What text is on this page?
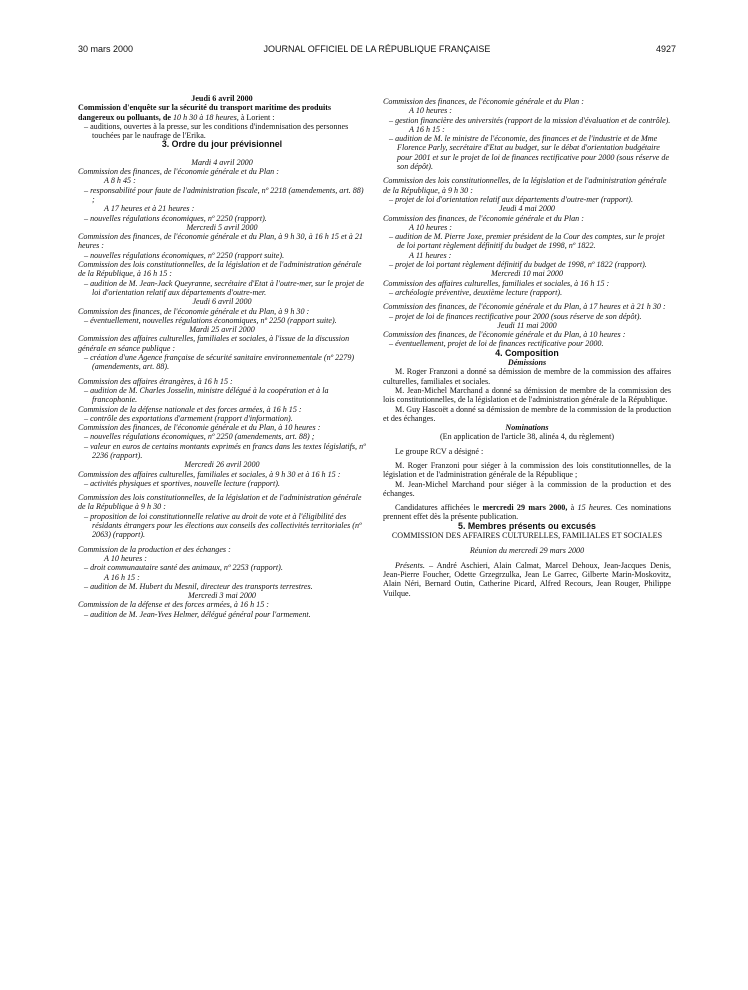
30 mars 2000	JOURNAL OFFICIEL DE LA RÉPUBLIQUE FRANÇAISE	4927

Jeudi 6 avril 2000

Commission d'enquête sur la sécurité du transport maritime des produits dangereux ou polluants, de 10 h 30 à 18 heures, à Lorient :

– auditions, ouvertes à la presse, sur les conditions d'indemnisation des personnes touchées par le naufrage de l'Erika.

3. Ordre du jour prévisionnel

Mardi 4 avril 2000

Commission des finances, de l'économie générale et du Plan :

A 8 h 45 :

– responsabilité pour faute de l'administration fiscale, nº 2218 (amendements, art. 88) ;

A 17 heures et à 21 heures :

– nouvelles régulations économiques, nº 2250 (rapport).

Mercredi 5 avril 2000

Commission des finances, de l'économie générale et du Plan, à 9 h 30, à 16 h 15 et à 21 heures :

– nouvelles régulations économiques, nº 2250 (rapport suite).

Commission des lois constitutionnelles, de la législation et de l'administration générale de la République, à 16 h 15 :

– audition de M. Jean-Jack Queyranne, secrétaire d'Etat à l'outre-mer, sur le projet de loi d'orientation relatif aux départements d'outre-mer.

Jeudi 6 avril 2000

Commission des finances, de l'économie générale et du Plan, à 9 h 30 :

– éventuellement, nouvelles régulations économiques, nº 2250 (rapport suite).

Mardi 25 avril 2000

Commission des affaires culturelles, familiales et sociales, à l'issue de la discussion générale en séance publique :

– création d'une Agence française de sécurité sanitaire environnementale (nº 2279) (amendements, art. 88).

Commission des affaires étrangères, à 16 h 15 :

– audition de M. Charles Josselin, ministre délégué à la coopération et à la francophonie.

Commission de la défense nationale et des forces armées, à 16 h 15 :

– contrôle des exportations d'armement (rapport d'information).

Commission des finances, de l'économie générale et du Plan, à 10 heures :

– nouvelles régulations économiques, nº 2250 (amendements, art. 88) ;

– valeur en euros de certains montants exprimés en francs dans les textes législatifs, nº 2236 (rapport).

Mercredi 26 avril 2000

Commission des affaires culturelles, familiales et sociales, à 9 h 30 et à 16 h 15 :

– activités physiques et sportives, nouvelle lecture (rapport).

Commission des lois constitutionnelles, de la législation et de l'administration générale de la République à 9 h 30 :

– proposition de loi constitutionnelle relative au droit de vote et à l'éligibilité des résidants étrangers pour les élections aux conseils des collectivités territoriales (nº 2063) (rapport).

Commission de la production et des échanges :

A 10 heures :

– droit communautaire santé des animaux, nº 2253 (rapport).

A 16 h 15 :

– audition de M. Hubert du Mesnil, directeur des transports terrestres.

Mercredi 3 mai 2000

Commission de la défense et des forces armées, à 16 h 15 :

– audition de M. Jean-Yves Helmer, délégué général pour l'armement.

Commission des finances, de l'économie générale et du Plan :

A 10 heures :

– gestion financière des universités (rapport de la mission d'évaluation et de contrôle).

A 16 h 15 :

– audition de M. le ministre de l'économie, des finances et de l'industrie et de Mme Florence Parly, secrétaire d'Etat au budget, sur le débat d'orientation budgétaire pour 2001 et sur le projet de loi de finances rectificative pour 2000 (sous réserve de son dépôt).

Commission des lois constitutionnelles, de la législation et de l'administration générale de la République, à 9 h 30 :

– projet de loi d'orientation relatif aux départements d'outre-mer (rapport).

Jeudi 4 mai 2000

Commission des finances, de l'économie générale et du Plan :

A 10 heures :

– audition de M. Pierre Joxe, premier président de la Cour des comptes, sur le projet de loi portant règlement définitif du budget de 1998, nº 1822.

A 11 heures :

– projet de loi portant règlement définitif du budget de 1998, nº 1822 (rapport).

Mercredi 10 mai 2000

Commission des affaires culturelles, familiales et sociales, à 16 h 15 :

– archéologie préventive, deuxième lecture (rapport).

Commission des finances, de l'économie générale et du Plan, à 17 heures et à 21 h 30 :

– projet de loi de finances rectificative pour 2000 (sous réserve de son dépôt).

Jeudi 11 mai 2000

Commission des finances, de l'économie générale et du Plan, à 10 heures :

– éventuellement, projet de loi de finances rectificative pour 2000.

4. Composition

Démissions

M. Roger Franzoni a donné sa démission de membre de la commission des affaires culturelles, familiales et sociales.

M. Jean-Michel Marchand a donné sa démission de membre de la commission des lois constitutionnelles, de la législation et de l'administration générale de la République.

M. Guy Hascoët a donné sa démission de membre de la commission de la production et des échanges.

Nominations

(En application de l'article 38, alinéa 4, du règlement)

Le groupe RCV a désigné :

M. Roger Franzoni pour siéger à la commission des lois constitutionnelles, de la législation et de l'administration générale de la République ;

M. Jean-Michel Marchand pour siéger à la commission de la production et des échanges.

Candidatures affichées le mercredi 29 mars 2000, à 15 heures. Ces nominations prennent effet dès la présente publication.

5. Membres présents ou excusés

COMMISSION DES AFFAIRES CULTURELLES, FAMILIALES ET SOCIALES

Réunion du mercredi 29 mars 2000

Présents. – André Aschieri, Alain Calmat, Marcel Dehoux, Jean-Jacques Denis, Jean-Pierre Foucher, Odette Grzegrzulka, Jean Le Garrec, Gilberte Marin-Moskovitz, Alain Néri, Bernard Outin, Catherine Picard, Alfred Recours, Jean Rouger, Philippe Vuilque.
